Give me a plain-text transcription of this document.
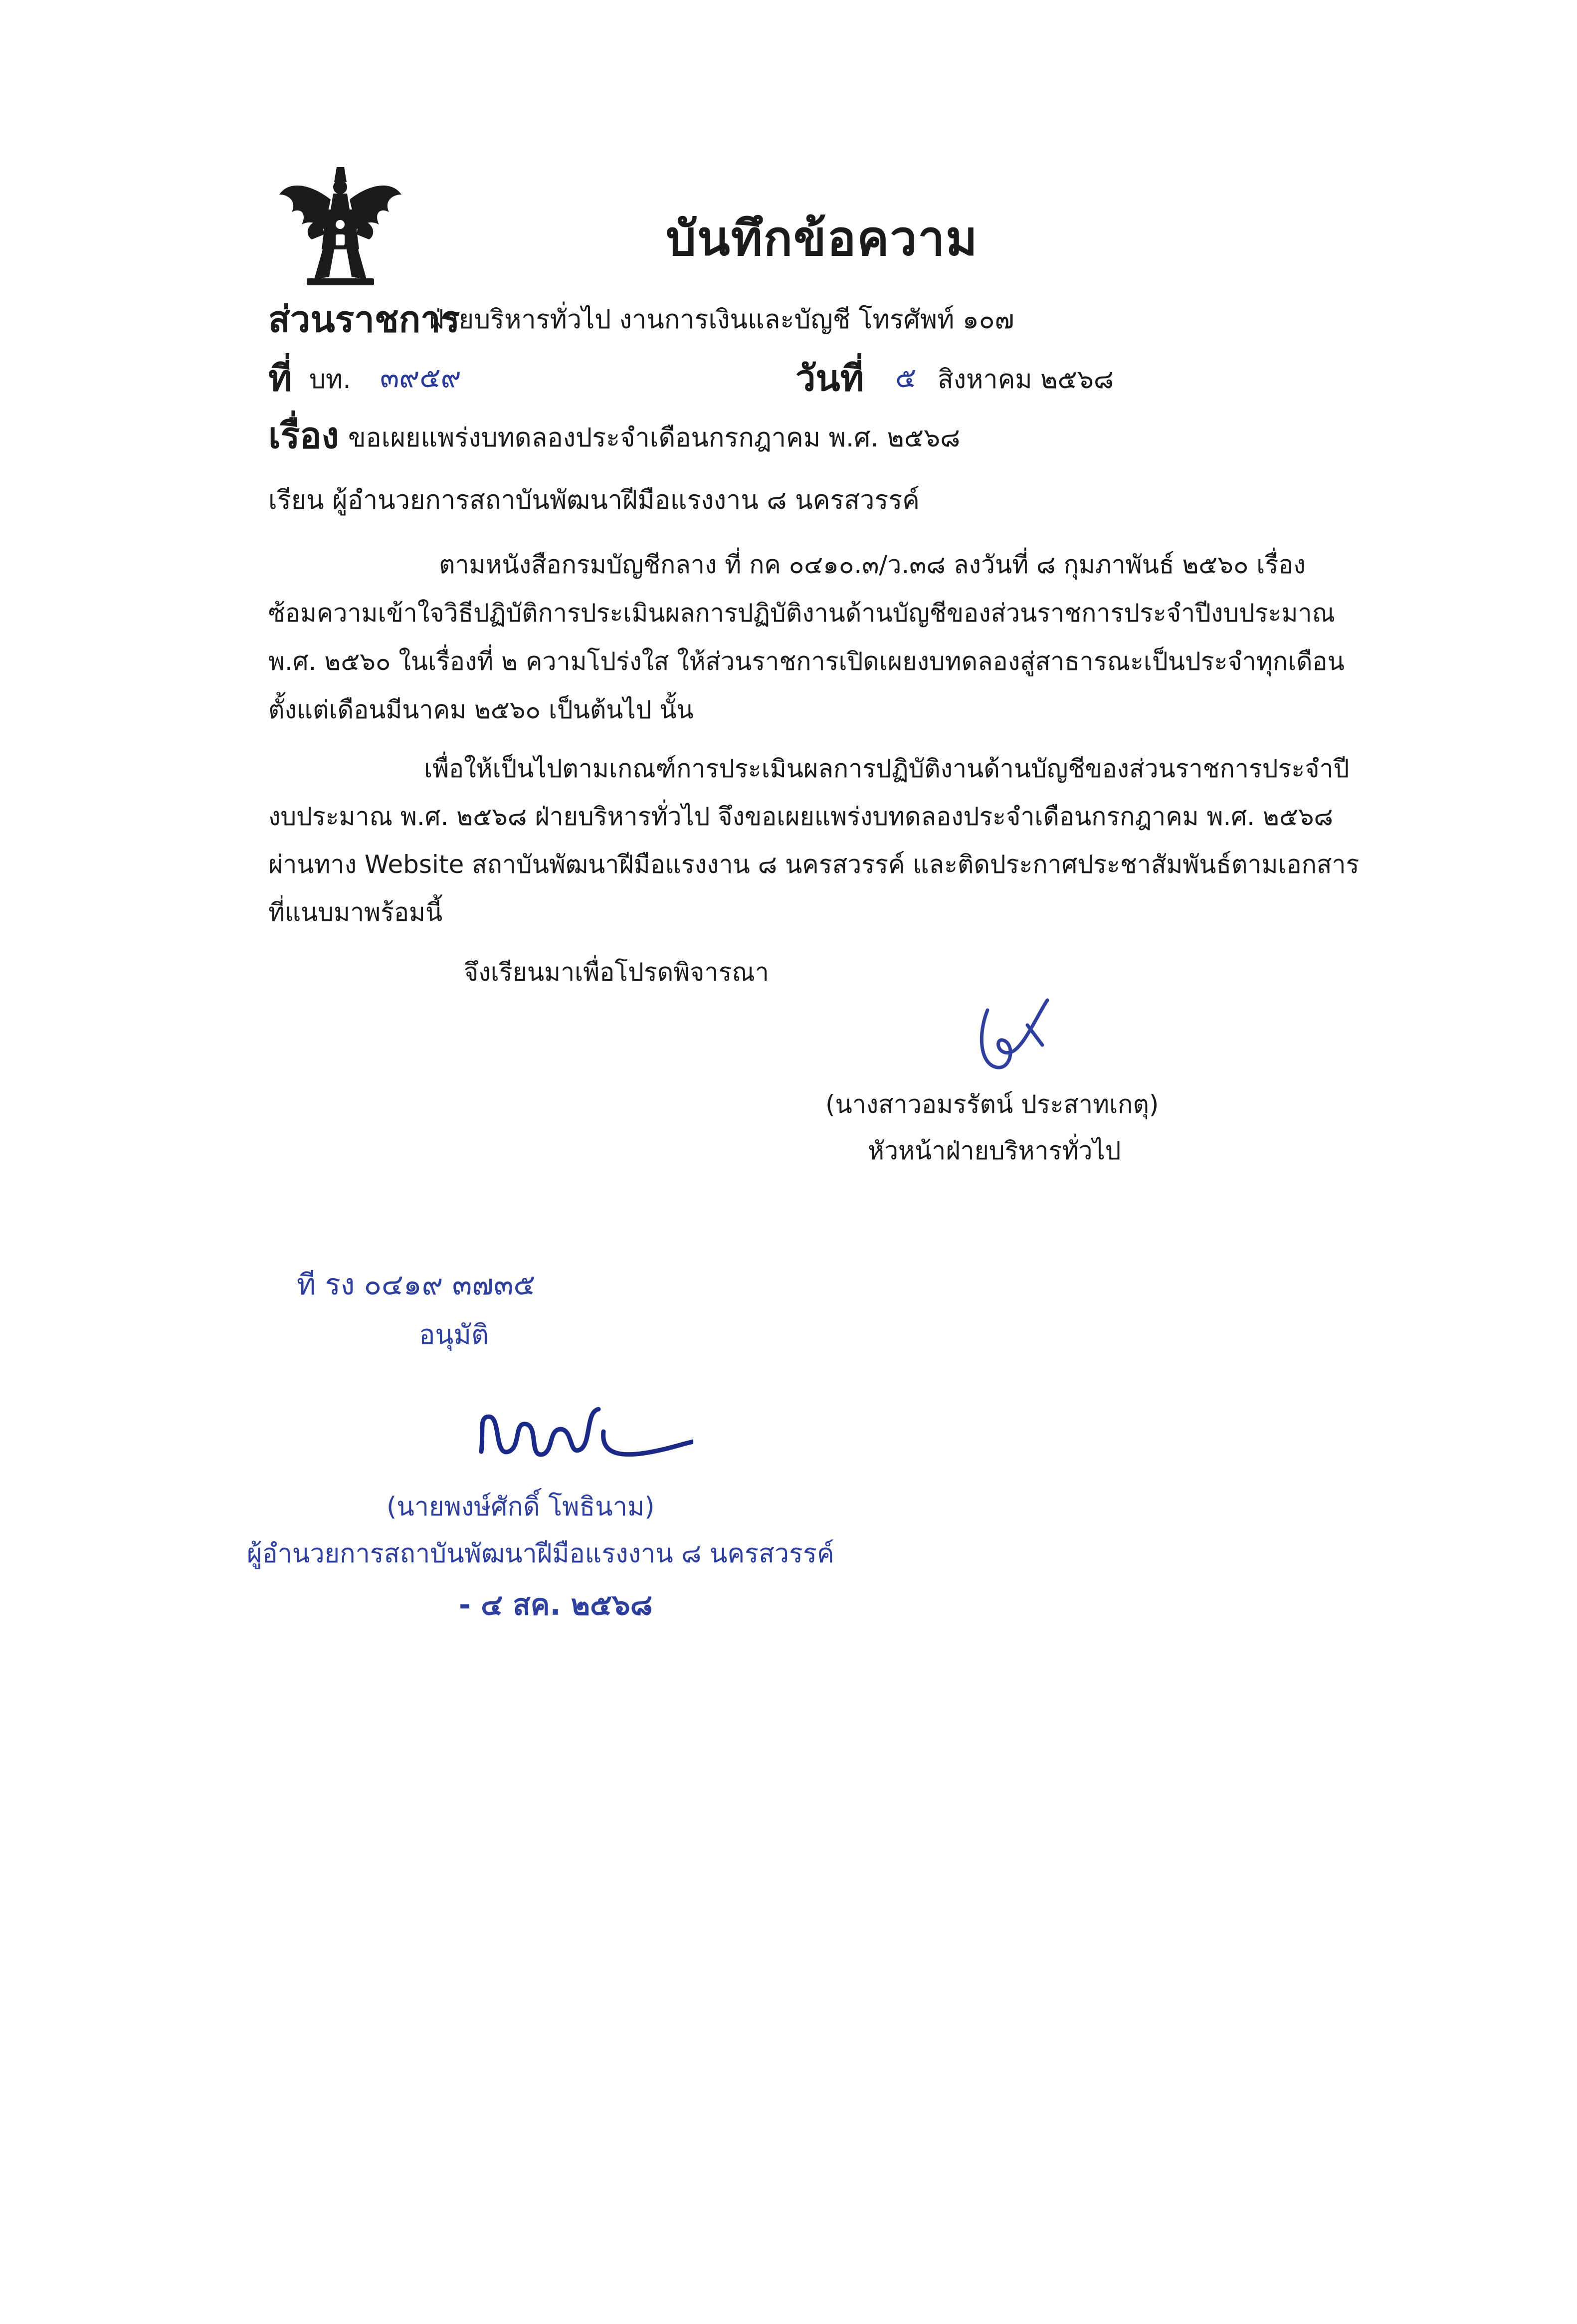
บันทึกข้อความ
ส่วนราชการ
ฝ่ายบริหารทั่วไป งานการเงินและบัญชี โทรศัพท์ ๑๐๗
ที่ บท. ๓๙๕๙	วันที่ ๕ สิงหาคม ๒๕๖๘
เรื่อง ขอเผยแพร่งบทดลองประจำเดือนกรกฎาคม พ.ศ. ๒๕๖๘
เรียน ผู้อำนวยการสถาบันพัฒนาฝีมือแรงงาน ๘ นครสวรรค์
ตามหนังสือกรมบัญชีกลาง ที่ กค ๐๔๑๐.๓/ว.๓๘ ลงวันที่ ๘ กุมภาพันธ์ ๒๕๖๐ เรื่อง
ซ้อมความเข้าใจวิธีปฏิบัติการประเมินผลการปฏิบัติงานด้านบัญชีของส่วนราชการประจำปีงบประมาณ
พ.ศ. ๒๕๖๐ ในเรื่องที่ ๒ ความโปร่งใส ให้ส่วนราชการเปิดเผยงบทดลองสู่สาธารณะเป็นประจำทุกเดือน
ตั้งแต่เดือนมีนาคม ๒๕๖๐ เป็นต้นไป นั้น
เพื่อให้เป็นไปตามเกณฑ์การประเมินผลการปฏิบัติงานด้านบัญชีของส่วนราชการประจำปี
งบประมาณ พ.ศ. ๒๕๖๘ ฝ่ายบริหารทั่วไป จึงขอเผยแพร่งบทดลองประจำเดือนกรกฎาคม พ.ศ. ๒๕๖๘
ผ่านทาง Website สถาบันพัฒนาฝีมือแรงงาน ๘ นครสวรรค์ และติดประกาศประชาสัมพันธ์ตามเอกสาร
ที่แนบมาพร้อมนี้
จึงเรียนมาเพื่อโปรดพิจารณา
(นางสาวอมรรัตน์ ประสาทเกตุ)
หัวหน้าฝ่ายบริหารทั่วไป
ที รง ๐๔๑๙ ๓๗๓๕
อนุมัติ
(นายพงษ์ศักดิ์ โพธินาม)
ผู้อำนวยการสถาบันพัฒนาฝีมือแรงงาน ๘ นครสวรรค์
- ๔ สค. ๒๕๖๘
